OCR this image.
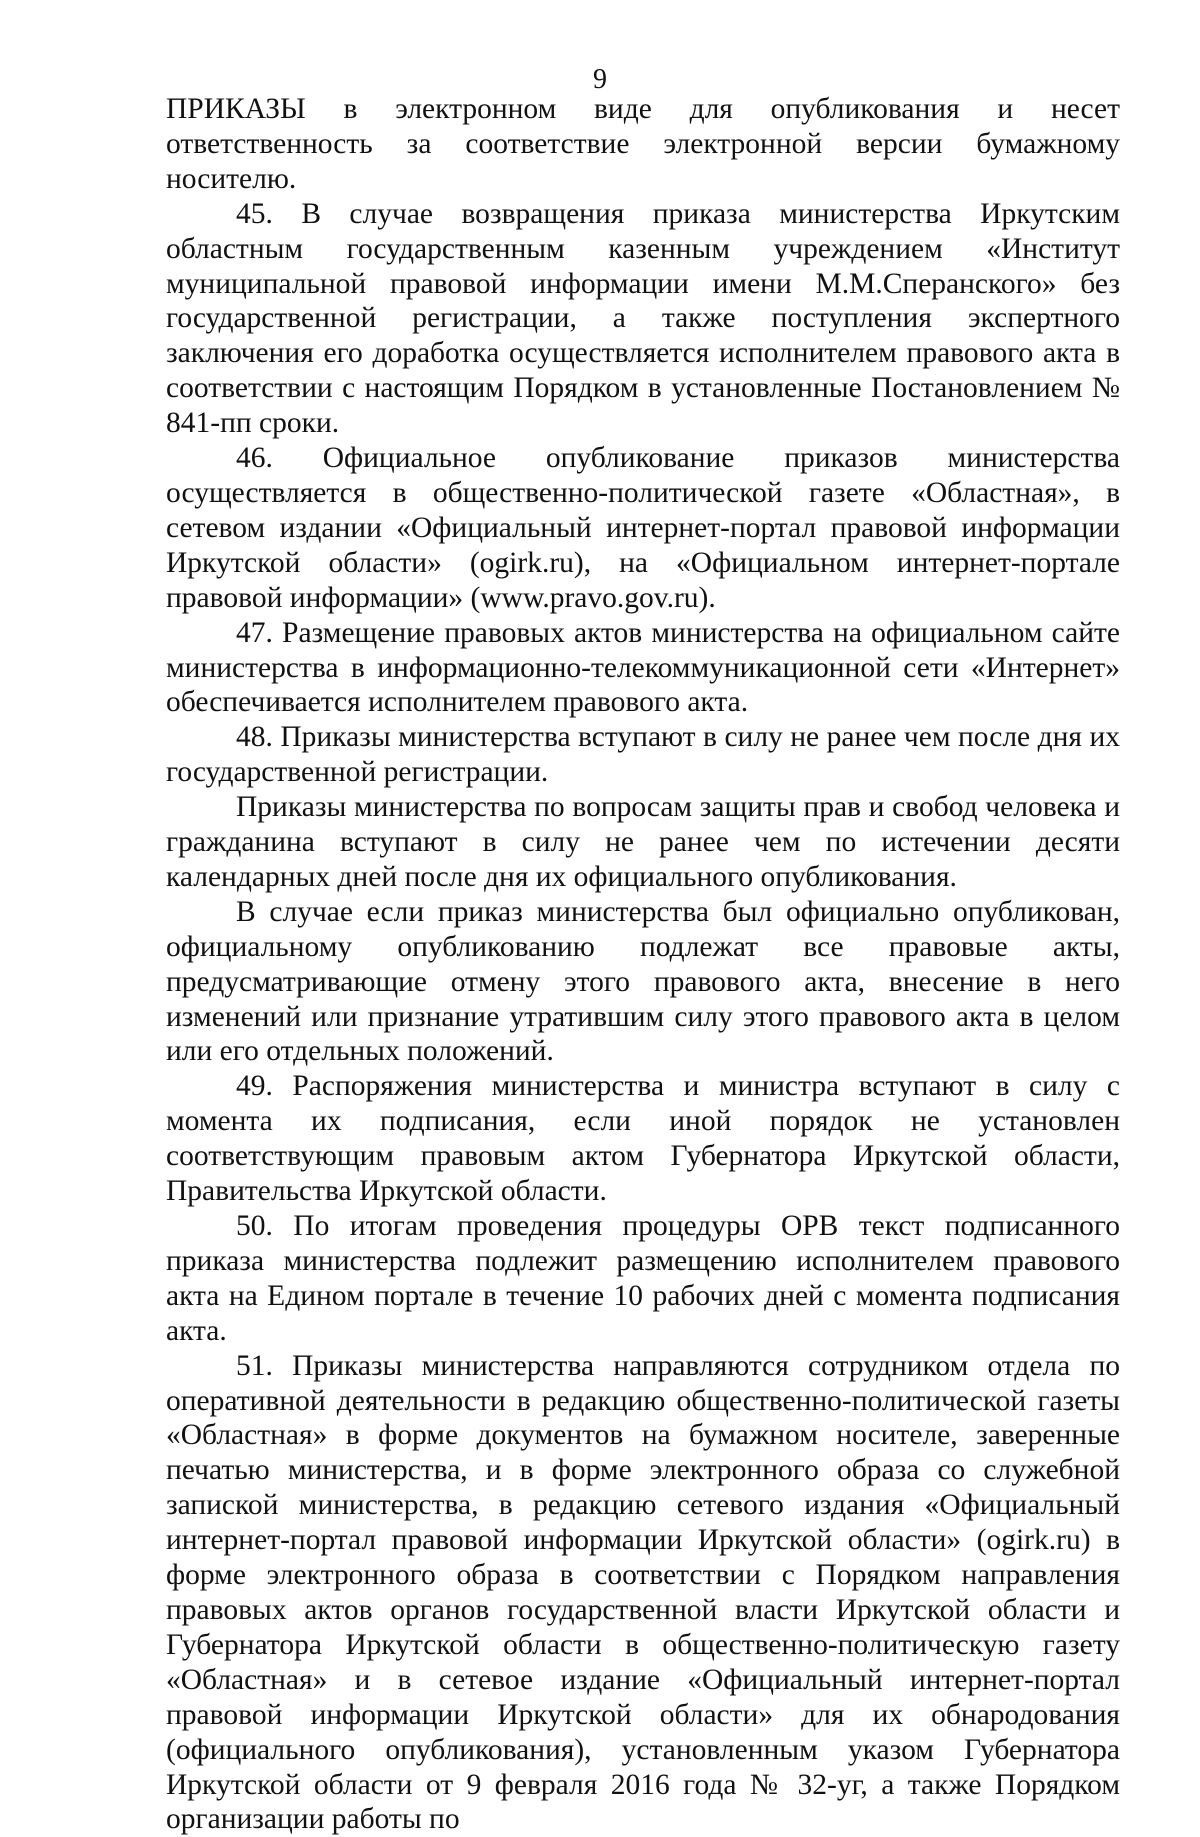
9

ПРИКАЗЫ в электронном виде для опубликования и несет ответственность за соответствие электронной версии бумажному носителю.

45. В случае возвращения приказа министерства Иркутским областным государственным казенным учреждением «Институт муниципальной правовой информации имени М.М.Сперанского» без государственной регистрации, а также поступления экспертного заключения его доработка осуществляется исполнителем правового акта в соответствии с настоящим Порядком в установленные Постановлением № 841-пп сроки.

46. Официальное опубликование приказов министерства осуществляется в общественно-политической газете «Областная», в сетевом издании «Официальный интернет-портал правовой информации Иркутской области» (ogirk.ru), на «Официальном интернет-портале правовой информации» (www.pravo.gov.ru).

47. Размещение правовых актов министерства на официальном сайте министерства в информационно-телекоммуникационной сети «Интернет» обеспечивается исполнителем правового акта.

48. Приказы министерства вступают в силу не ранее чем после дня их государственной регистрации.

Приказы министерства по вопросам защиты прав и свобод человека и гражданина вступают в силу не ранее чем по истечении десяти календарных дней после дня их официального опубликования.

В случае если приказ министерства был официально опубликован, официальному опубликованию подлежат все правовые акты, предусматривающие отмену этого правового акта, внесение в него изменений или признание утратившим силу этого правового акта в целом или его отдельных положений.

49. Распоряжения министерства и министра вступают в силу с момента их подписания, если иной порядок не установлен соответствующим правовым актом Губернатора Иркутской области, Правительства Иркутской области.

50. По итогам проведения процедуры ОРВ текст подписанного приказа министерства подлежит размещению исполнителем правового акта на Едином портале в течение 10 рабочих дней с момента подписания акта.

51. Приказы министерства направляются сотрудником отдела по оперативной деятельности в редакцию общественно-политической газеты «Областная» в форме документов на бумажном носителе, заверенные печатью министерства, и в форме электронного образа со служебной запиской министерства, в редакцию сетевого издания «Официальный интернет-портал правовой информации Иркутской области» (ogirk.ru) в форме электронного образа в соответствии с Порядком направления правовых актов органов государственной власти Иркутской области и Губернатора Иркутской области в общественно-политическую газету «Областная» и в сетевое издание «Официальный интернет-портал правовой информации Иркутской области» для их обнародования (официального опубликования), установленным указом Губернатора Иркутской области от 9 февраля 2016 года № 32-уг, а также Порядком организации работы по
